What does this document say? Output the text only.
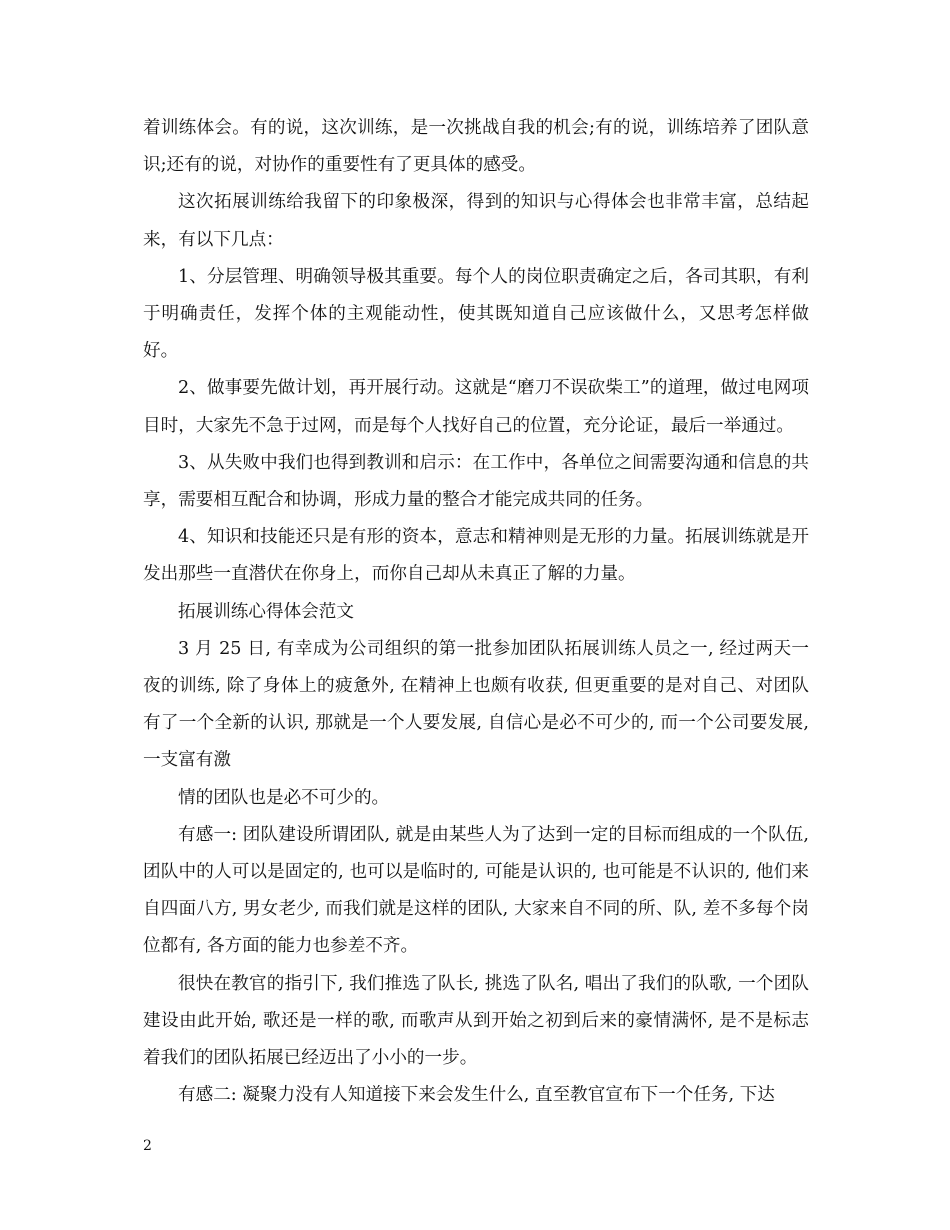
着训练体会。有的说，这次训练，是一次挑战自我的机会;有的说，训练培养了团队意识;还有的说，对协作的重要性有了更具体的感受。

这次拓展训练给我留下的印象极深，得到的知识与心得体会也非常丰富，总结起来，有以下几点：

1、分层管理、明确领导极其重要。每个人的岗位职责确定之后，各司其职，有利于明确责任，发挥个体的主观能动性，使其既知道自己应该做什么，又思考怎样做好。

2、做事要先做计划，再开展行动。这就是“磨刀不误砍柴工”的道理，做过电网项目时，大家先不急于过网，而是每个人找好自己的位置，充分论证，最后一举通过。

3、从失败中我们也得到教训和启示：在工作中，各单位之间需要沟通和信息的共享，需要相互配合和协调，形成力量的整合才能完成共同的任务。

4、知识和技能还只是有形的资本，意志和精神则是无形的力量。拓展训练就是开发出那些一直潜伏在你身上，而你自己却从未真正了解的力量。

拓展训练心得体会范文

3 月 25 日, 有幸成为公司组织的第一批参加团队拓展训练人员之一, 经过两天一夜的训练, 除了身体上的疲惫外, 在精神上也颇有收获, 但更重要的是对自己、对团队有了一个全新的认识, 那就是一个人要发展, 自信心是必不可少的, 而一个公司要发展, 一支富有激

情的团队也是必不可少的。

有感一: 团队建设所谓团队, 就是由某些人为了达到一定的目标而组成的一个队伍, 团队中的人可以是固定的, 也可以是临时的, 可能是认识的, 也可能是不认识的, 他们来自四面八方, 男女老少, 而我们就是这样的团队, 大家来自不同的所、队, 差不多每个岗位都有, 各方面的能力也参差不齐。

很快在教官的指引下, 我们推选了队长, 挑选了队名, 唱出了我们的队歌, 一个团队建设由此开始, 歌还是一样的歌, 而歌声从到开始之初到后来的豪情满怀, 是不是标志着我们的团队拓展已经迈出了小小的一步。

有感二: 凝聚力没有人知道接下来会发生什么, 直至教官宣布下一个任务, 下达

2
